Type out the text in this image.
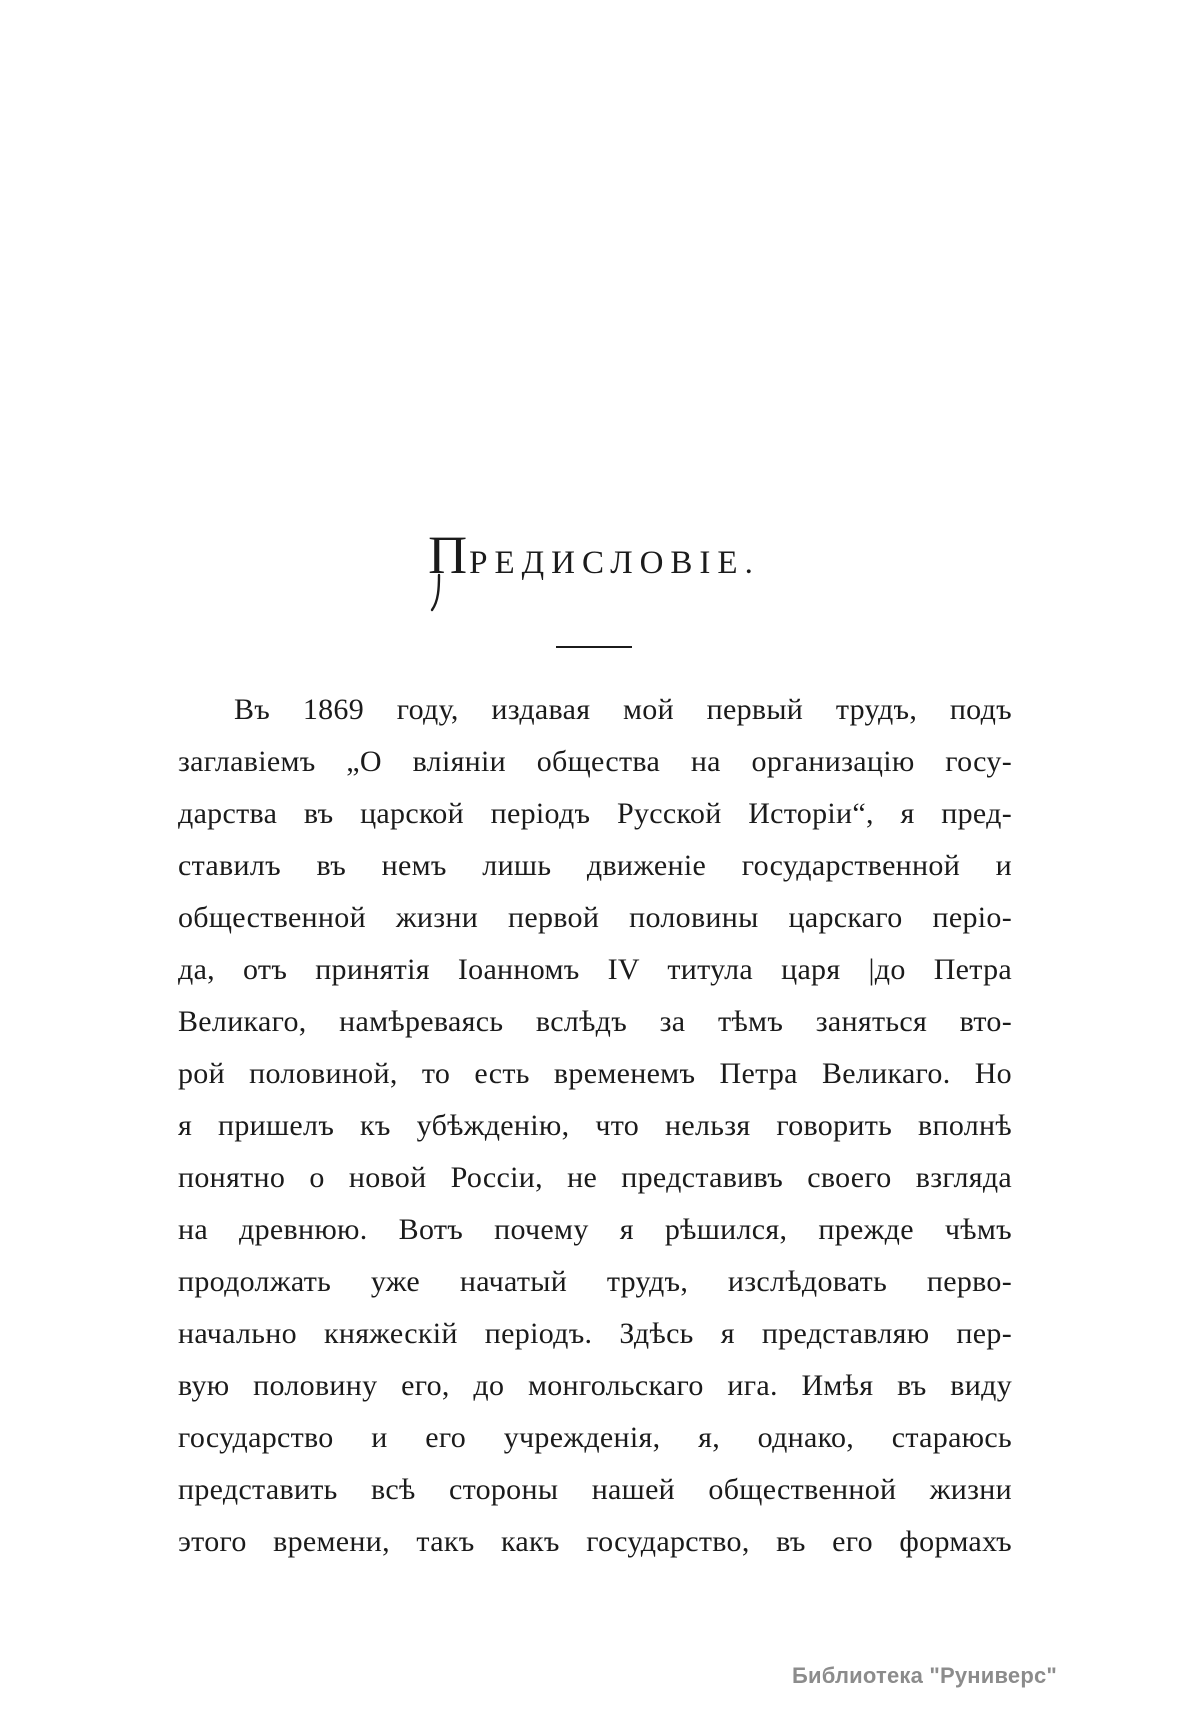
П
РЕДИСЛОВІЕ.
Въ 1869 году, издавая мой первый трудъ, подъ
заглавіемъ „О вліяніи общества на организацію госу-
дарства въ царской періодъ Русской Исторіи“, я пред-
ставилъ въ немъ лишь движеніе государственной и
общественной жизни первой половины царскаго періо-
да, отъ принятія Іоанномъ IV титула царя |до Петра
Великаго, намѣреваясь вслѣдъ за тѣмъ заняться вто-
рой половиной, то есть временемъ Петра Великаго. Но
я пришелъ къ убѣжденію, что нельзя говорить вполнѣ
понятно о новой Россіи, не представивъ своего взгляда
на древнюю. Вотъ почему я рѣшился, прежде чѣмъ
продолжать уже начатый трудъ, изслѣдовать перво-
начально княжескій періодъ. Здѣсь я представляю пер-
вую половину его, до монгольскаго ига. Имѣя въ виду
государство и его учрежденія, я, однако, стараюсь
представить всѣ стороны нашей общественной жизни
этого времени, такъ какъ государство, въ его формахъ
Библиотека "Руниверс"
